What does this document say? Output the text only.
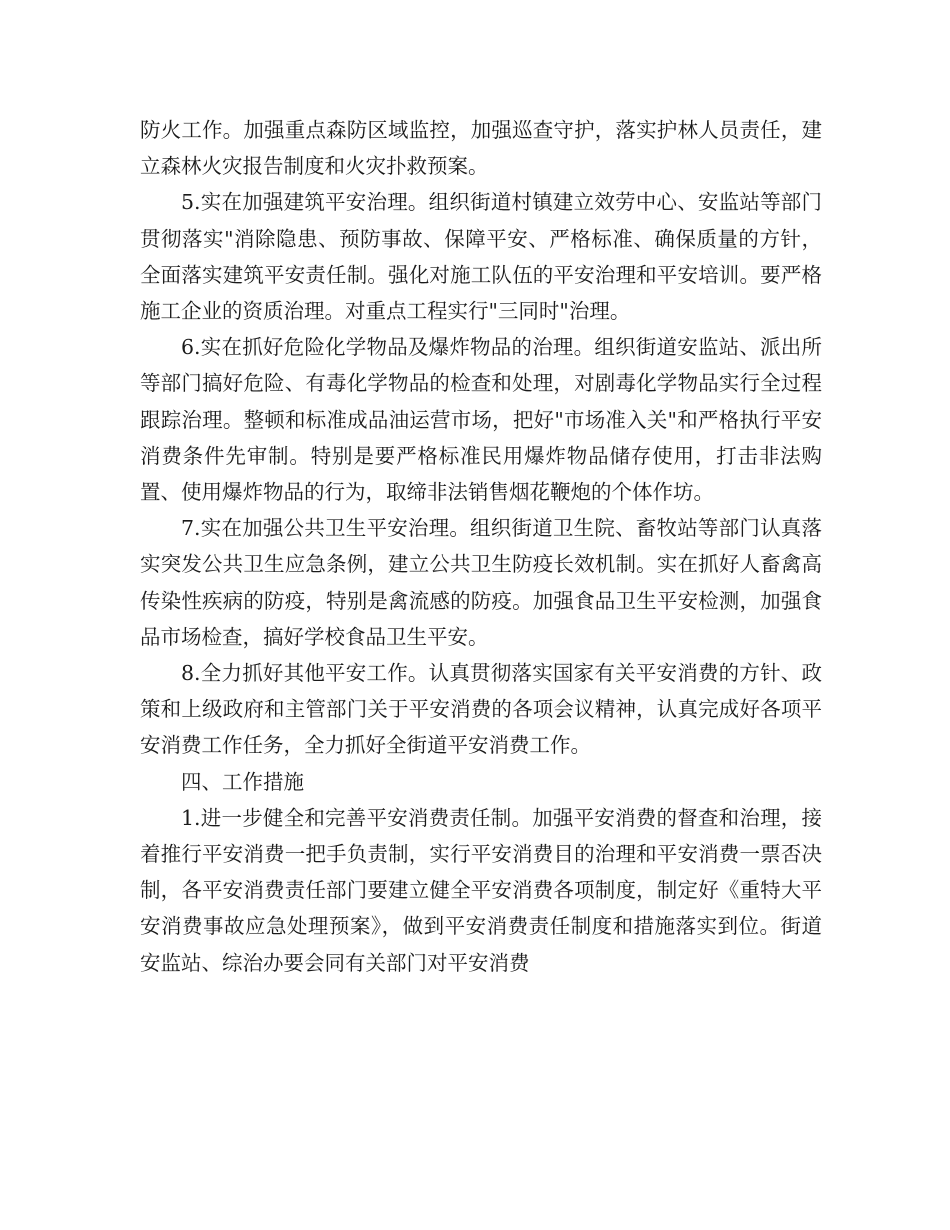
防火工作。加强重点森防区域监控，加强巡查守护，落实护林人员责任，建立森林火灾报告制度和火灾扑救预案。

5.实在加强建筑平安治理。组织街道村镇建立效劳中心、安监站等部门贯彻落实"消除隐患、预防事故、保障平安、严格标准、确保质量的方针，全面落实建筑平安责任制。强化对施工队伍的平安治理和平安培训。要严格施工企业的资质治理。对重点工程实行"三同时"治理。

6.实在抓好危险化学物品及爆炸物品的治理。组织街道安监站、派出所等部门搞好危险、有毒化学物品的检查和处理，对剧毒化学物品实行全过程跟踪治理。整顿和标准成品油运营市场，把好"市场准入关"和严格执行平安消费条件先审制。特别是要严格标准民用爆炸物品储存使用，打击非法购置、使用爆炸物品的行为，取缔非法销售烟花鞭炮的个体作坊。

7.实在加强公共卫生平安治理。组织街道卫生院、畜牧站等部门认真落实突发公共卫生应急条例，建立公共卫生防疫长效机制。实在抓好人畜禽高传染性疾病的防疫，特别是禽流感的防疫。加强食品卫生平安检测，加强食品市场检查，搞好学校食品卫生平安。

8.全力抓好其他平安工作。认真贯彻落实国家有关平安消费的方针、政策和上级政府和主管部门关于平安消费的各项会议精神，认真完成好各项平安消费工作任务，全力抓好全街道平安消费工作。

四、工作措施

1.进一步健全和完善平安消费责任制。加强平安消费的督查和治理，接着推行平安消费一把手负责制，实行平安消费目的治理和平安消费一票否决制，各平安消费责任部门要建立健全平安消费各项制度，制定好《重特大平安消费事故应急处理预案》，做到平安消费责任制度和措施落实到位。街道安监站、综治办要会同有关部门对平安消费
